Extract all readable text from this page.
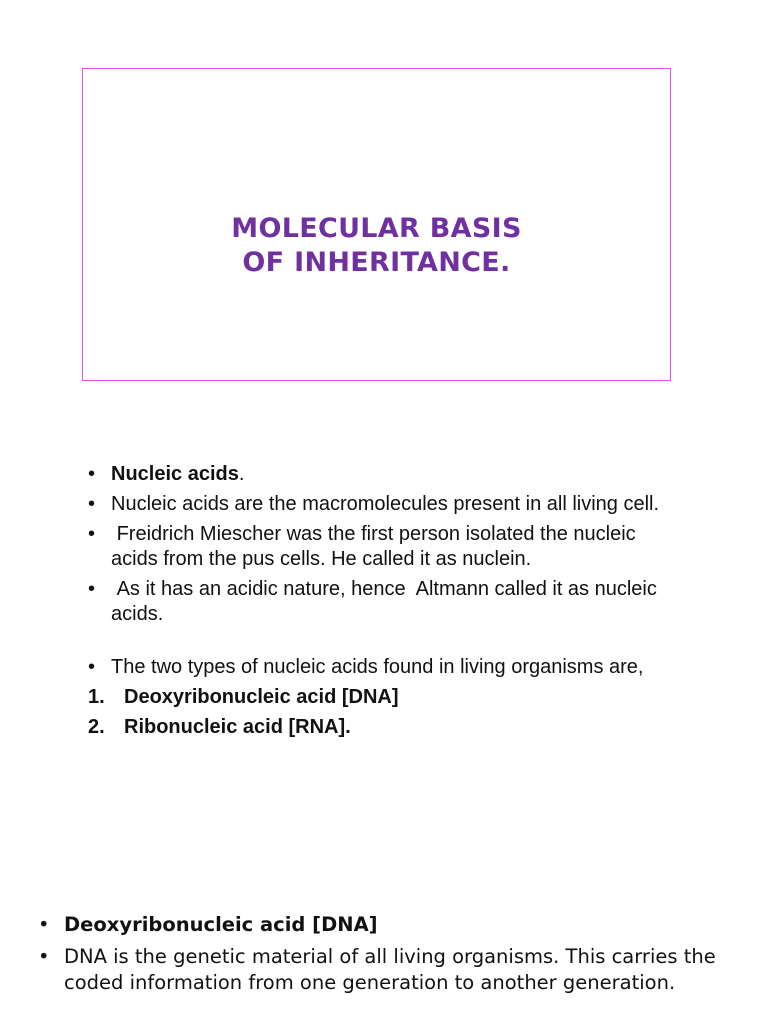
MOLECULAR BASIS
OF INHERITANCE.
• Nucleic acids.
• Nucleic acids are the macromolecules present in all living cell.
• Freidrich Miescher was the first person isolated the nucleic acids from the pus cells. He called it as nuclein.
• As it has an acidic nature, hence  Altmann called it as nucleic acids.
• The two types of nucleic acids found in living organisms are,
1. Deoxyribonucleic acid [DNA]
2. Ribonucleic acid [RNA].
• Deoxyribonucleic acid [DNA]
• DNA is the genetic material of all living organisms. This carries the coded information from one generation to another generation.
